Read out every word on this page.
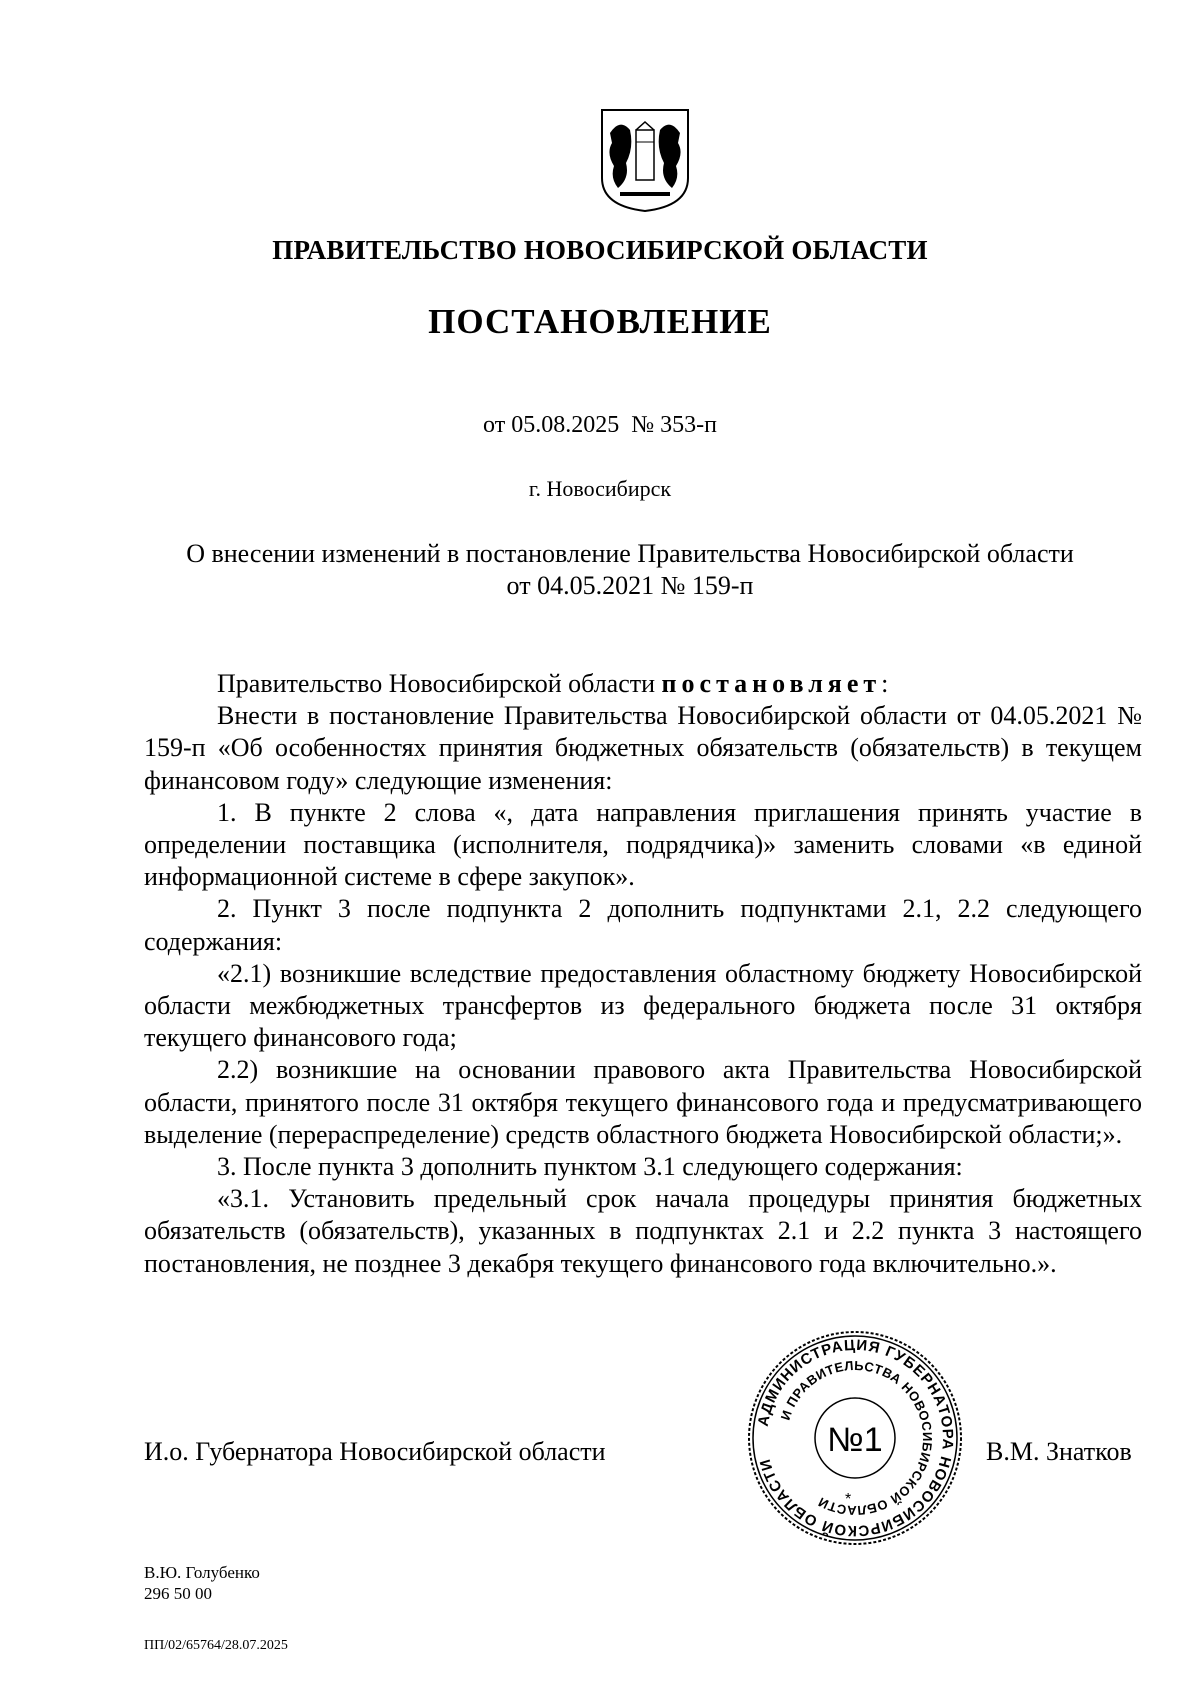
ПРАВИТЕЛЬСТВО НОВОСИБИРСКОЙ ОБЛАСТИ
ПОСТАНОВЛЕНИЕ
от 05.08.2025  № 353-п
г. Новосибирск
О внесении изменений в постановление Правительства Новосибирской области
от 04.05.2021 № 159-п

Правительство Новосибирской области постановляет:

Внести в постановление Правительства Новосибирской области от 04.05.2021 № 159-п «Об особенностях принятия бюджетных обязательств (обязательств) в текущем финансовом году» следующие изменения:

1. В пункте 2 слова «, дата направления приглашения принять участие в определении поставщика (исполнителя, подрядчика)» заменить словами «в единой информационной системе в сфере закупок».

2. Пункт 3 после подпункта 2 дополнить подпунктами 2.1, 2.2 следующего содержания:

«2.1) возникшие вследствие предоставления областному бюджету Новосибирской области межбюджетных трансфертов из федерального бюджета после 31 октября текущего финансового года;

2.2) возникшие на основании правового акта Правительства Новосибирской области, принятого после 31 октября текущего финансового года и предусматривающего выделение (перераспределение) средств областного бюджета Новосибирской области;».

3. После пункта 3 дополнить пунктом 3.1 следующего содержания:

«3.1. Установить предельный срок начала процедуры принятия бюджетных обязательств (обязательств), указанных в подпунктах 2.1 и 2.2 пункта 3 настоящего постановления, не позднее 3 декабря текущего финансового года включительно.».

И.о. Губернатора Новосибирской области
АДМИНИСТРАЦИЯ ГУБЕРНАТОРА НОВОСИБИРСКОЙ ОБЛАСТИ
И ПРАВИТЕЛЬСТВА НОВОСИБИРСКОЙ ОБЛАСТИ
№1
*
В.М. Знатков
В.Ю. Голубенко
296 50 00
ПП/02/65764/28.07.2025
